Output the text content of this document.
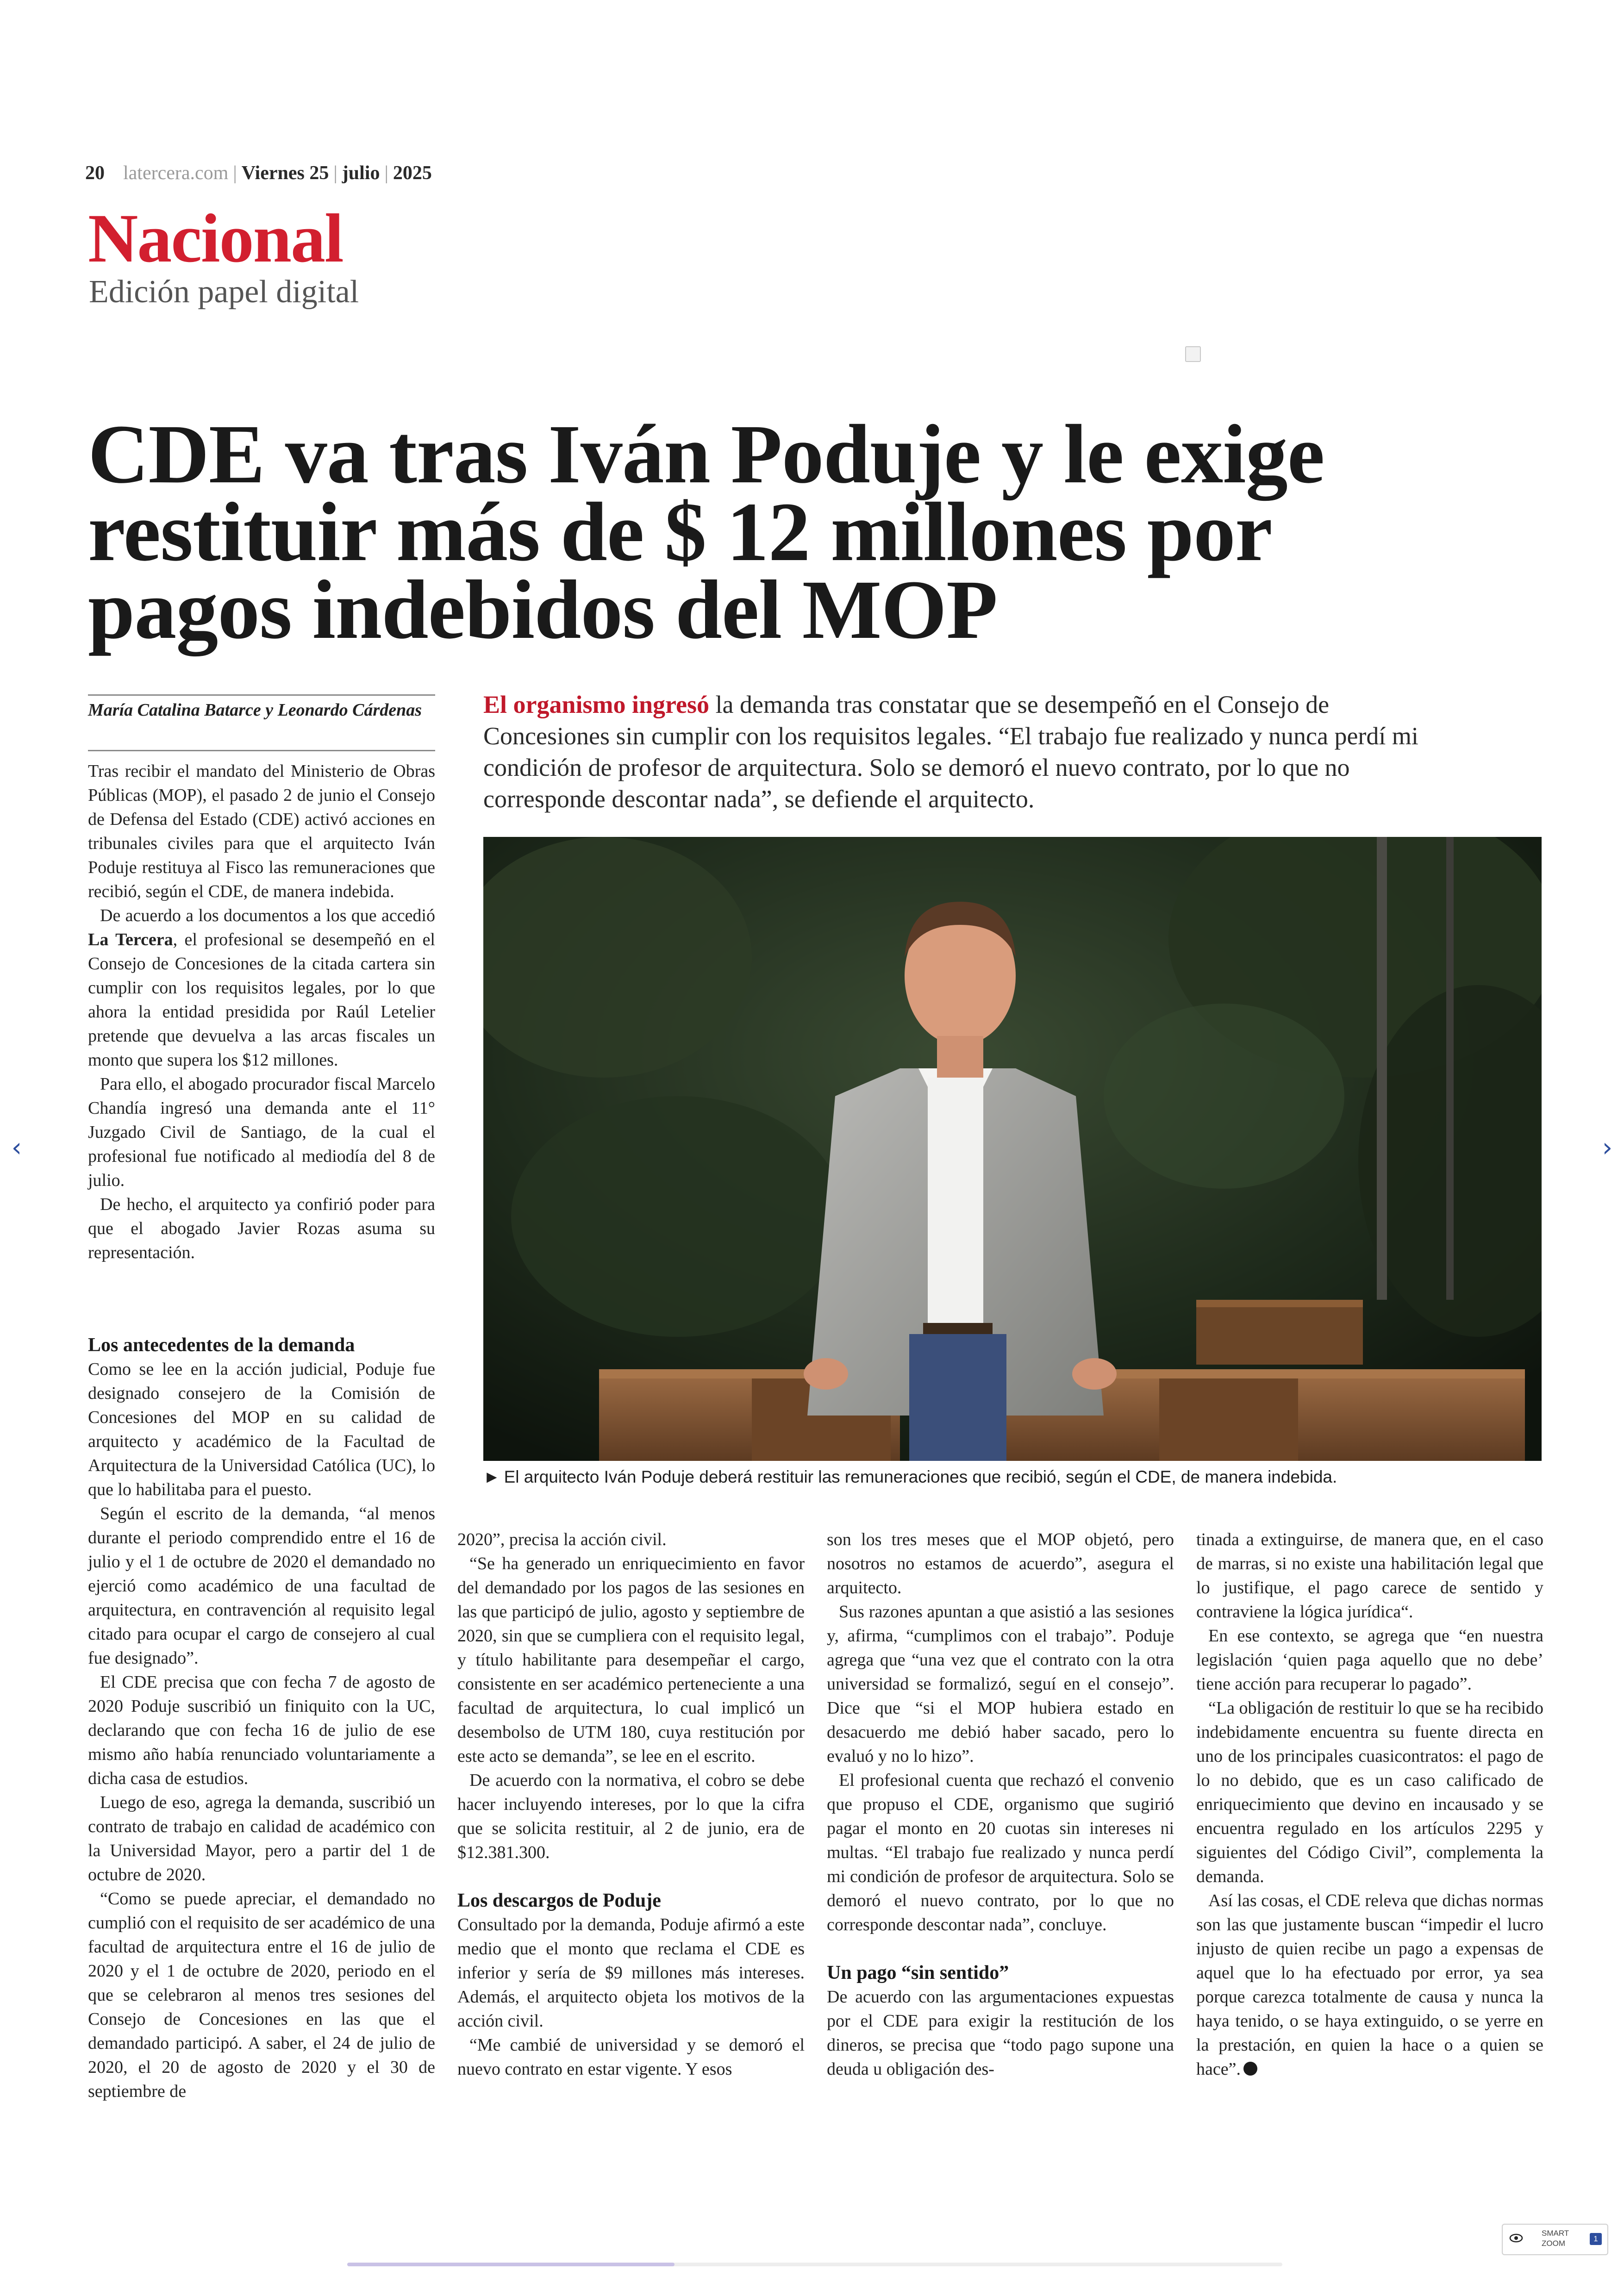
20 latercera.com | Viernes 25 | julio | 2025
Nacional
Edición papel digital
CDE va tras Iván Poduje y le exige restituir más de $ 12 millones por pagos indebidos del MOP
María Catalina Batarce y Leonardo Cárdenas	El organismo ingresó la demanda tras constatar que se desempeñó en el Consejo de Concesiones sin cumplir con los requisitos legales. “El trabajo fue realizado y nunca perdí mi condición de profesor de arquitectura. Solo se demoró el nuevo contrato, por lo que no corresponde descontar nada”, se defiende el arquitecto.
► El arquitecto Iván Poduje deberá restituir las remuneraciones que recibió, según el CDE, de manera indebida.

Tras recibir el mandato del Ministerio de Obras Públicas (MOP), el pasado 2 de junio el Consejo de Defensa del Estado (CDE) activó acciones en tribunales civiles para que el arquitecto Iván Poduje restituya al Fisco las remuneraciones que recibió, según el CDE, de manera indebida.

De acuerdo a los documentos a los que accedió La Tercera, el profesional se desempeñó en el Consejo de Concesiones de la citada cartera sin cumplir con los requisitos legales, por lo que ahora la entidad presidida por Raúl Letelier pretende que devuelva a las arcas fiscales un monto que supera los $12 millones.

Para ello, el abogado procurador fiscal Marcelo Chandía ingresó una demanda ante el 11° Juzgado Civil de Santiago, de la cual el profesional fue notificado al mediodía del 8 de julio.

De hecho, el arquitecto ya confirió poder para que el abogado Javier Rozas asuma su representación.

Los antecedentes de la demanda

Como se lee en la acción judicial, Poduje fue designado consejero de la Comisión de Concesiones del MOP en su calidad de arquitecto y académico de la Facultad de Arquitectura de la Universidad Católica (UC), lo que lo habilitaba para el puesto.

Según el escrito de la demanda, “al menos durante el periodo comprendido entre el 16 de julio y el 1 de octubre de 2020 el demandado no ejerció como académico de una facultad de arquitectura, en contravención al requisito legal citado para ocupar el cargo de consejero al cual fue designado”.

El CDE precisa que con fecha 7 de agosto de 2020 Poduje suscribió un finiquito con la UC, declarando que con fecha 16 de julio de ese mismo año había renunciado voluntariamente a dicha casa de estudios.

Luego de eso, agrega la demanda, suscribió un contrato de trabajo en calidad de académico con la Universidad Mayor, pero a partir del 1 de octubre de 2020.

“Como se puede apreciar, el demandado no cumplió con el requisito de ser académico de una facultad de arquitectura entre el 16 de julio de 2020 y el 1 de octubre de 2020, periodo en el que se celebraron al menos tres sesiones del Consejo de Concesiones en las que el demandado participó. A saber, el 24 de julio de 2020, el 20 de agosto de 2020 y el 30 de septiembre de

2020”, precisa la acción civil.

“Se ha generado un enriquecimiento en favor del demandado por los pagos de las sesiones en las que participó de julio, agosto y septiembre de 2020, sin que se cumpliera con el requisito legal, y título habilitante para desempeñar el cargo, consistente en ser académico perteneciente a una facultad de arquitectura, lo cual implicó un desembolso de UTM 180, cuya restitución por este acto se demanda”, se lee en el escrito.

De acuerdo con la normativa, el cobro se debe hacer incluyendo intereses, por lo que la cifra que se solicita restituir, al 2 de junio, era de $12.381.300.

Los descargos de Poduje

Consultado por la demanda, Poduje afirmó a este medio que el monto que reclama el CDE es inferior y sería de $9 millones más intereses. Además, el arquitecto objeta los motivos de la acción civil.

“Me cambié de universidad y se demoró el nuevo contrato en estar vigente. Y esos

son los tres meses que el MOP objetó, pero nosotros no estamos de acuerdo”, asegura el arquitecto.

Sus razones apuntan a que asistió a las sesiones y, afirma, “cumplimos con el trabajo”. Poduje agrega que “una vez que el contrato con la otra universidad se formalizó, seguí en el consejo”. Dice que “si el MOP hubiera estado en desacuerdo me debió haber sacado, pero lo evaluó y no lo hizo”.

El profesional cuenta que rechazó el convenio que propuso el CDE, organismo que sugirió pagar el monto en 20 cuotas sin intereses ni multas. “El trabajo fue realizado y nunca perdí mi condición de profesor de arquitectura. Solo se demoró el nuevo contrato, por lo que no corresponde descontar nada”, concluye.

Un pago “sin sentido”

De acuerdo con las argumentaciones expuestas por el CDE para exigir la restitución de los dineros, se precisa que “todo pago supone una deuda u obligación des-

tinada a extinguirse, de manera que, en el caso de marras, si no existe una habilitación legal que lo justifique, el pago carece de sentido y contraviene la lógica jurídica“.

En ese contexto, se agrega que “en nuestra legislación ‘quien paga aquello que no debe’ tiene acción para recuperar lo pagado”.

“La obligación de restituir lo que se ha recibido indebidamente encuentra su fuente directa en uno de los principales cuasicontratos: el pago de lo no debido, que es un caso calificado de enriquecimiento que devino en incausado y se encuentra regulado en los artículos 2295 y siguientes del Código Civil”, complementa la demanda.

Así las cosas, el CDE releva que dichas normas son las que justamente buscan “impedir el lucro injusto de quien recibe un pago a expensas de aquel que lo ha efectuado por error, ya sea porque carezca totalmente de causa y nunca la haya tenido, o se haya extinguido, o se yerre en la prestación, en quien la hace o a quien se hace”.

‹	›
SMART ZOOM
1
